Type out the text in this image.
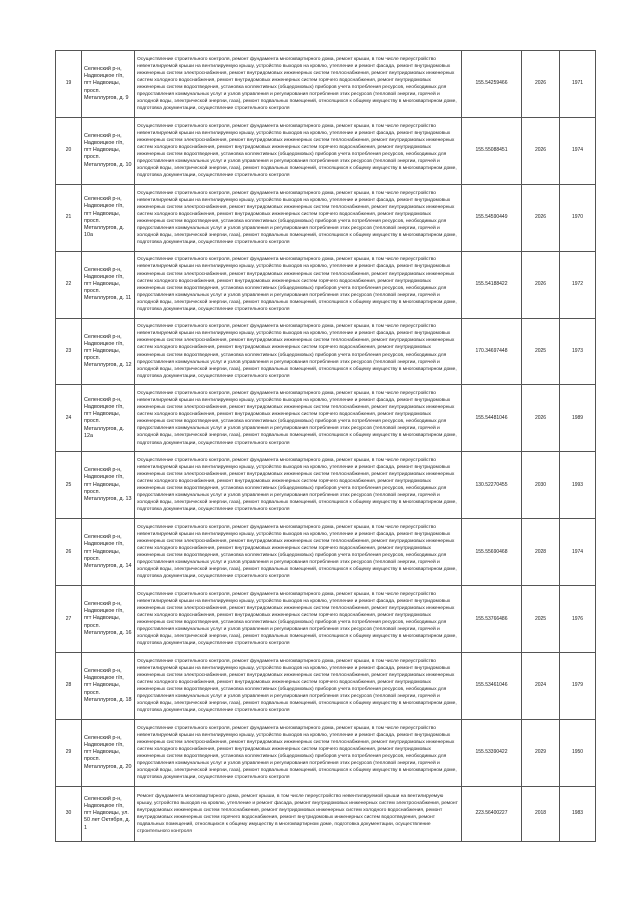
19	Селенский р-н, Надвоицкое г/п, пгт Надвоицы, просп. Металлургов, д. 9	Осуществление строительного контроля, ремонт фундамента многоквартирного дома, ремонт крыши, в том числе переустройство невентилируемой крыши на вентилируемую крышу, устройство выходов на кровлю, утепление и ремонт фасада, ремонт внутридомовых инженерных систем электроснабжения, ремонт внутридомовых инженерных систем теплоснабжения, ремонт внутридомовых инженерных систем холодного водоснабжения, ремонт внутридомовых инженерных систем горячего водоснабжения, ремонт внутридомовых инженерных систем водоотведения, установка коллективных (общедомовых) приборов учета потребления ресурсов, необходимых для предоставления коммунальных услуг и узлов управления и регулирования потребления этих ресурсов (тепловой энергии, горячей и холодной воды, электрической энергии, газа), ремонт подвальных помещений, относящихся к общему имуществу в многоквартирном доме, подготовка документации, осуществление строительного контроля	155.54259466	2026	1971
20	Селенский р-н, Надвоицкое г/п, пгт Надвоицы, просп. Металлургов, д. 10	Осуществление строительного контроля, ремонт фундамента многоквартирного дома, ремонт крыши, в том числе переустройство невентилируемой крыши на вентилируемую крышу, устройство выходов на кровлю, утепление и ремонт фасада, ремонт внутридомовых инженерных систем электроснабжения, ремонт внутридомовых инженерных систем теплоснабжения, ремонт внутридомовых инженерных систем холодного водоснабжения, ремонт внутридомовых инженерных систем горячего водоснабжения, ремонт внутридомовых инженерных систем водоотведения, установка коллективных (общедомовых) приборов учета потребления ресурсов, необходимых для предоставления коммунальных услуг и узлов управления и регулирования потребления этих ресурсов (тепловой энергии, горячей и холодной воды, электрической энергии, газа), ремонт подвальных помещений, относящихся к общему имуществу в многоквартирном доме, подготовка документации, осуществление строительного контроля	155.55088451	2026	1974
21	Селенский р-н, Надвоицкое г/п, пгт Надвоицы, просп. Металлургов, д. 10а	Осуществление строительного контроля, ремонт фундамента многоквартирного дома, ремонт крыши, в том числе переустройство невентилируемой крыши на вентилируемую крышу, устройство выходов на кровлю, утепление и ремонт фасада, ремонт внутридомовых инженерных систем электроснабжения, ремонт внутридомовых инженерных систем теплоснабжения, ремонт внутридомовых инженерных систем холодного водоснабжения, ремонт внутридомовых инженерных систем горячего водоснабжения, ремонт внутридомовых инженерных систем водоотведения, установка коллективных (общедомовых) приборов учета потребления ресурсов, необходимых для предоставления коммунальных услуг и узлов управления и регулирования потребления этих ресурсов (тепловой энергии, горячей и холодной воды, электрической энергии, газа), ремонт подвальных помещений, относящихся к общему имуществу в многоквартирном доме, подготовка документации, осуществление строительного контроля	155.54590449	2026	1970
22	Селенский р-н, Надвоицкое г/п, пгт Надвоицы, просп. Металлургов, д. 11	Осуществление строительного контроля, ремонт фундамента многоквартирного дома, ремонт крыши, в том числе переустройство невентилируемой крыши на вентилируемую крышу, устройство выходов на кровлю, утепление и ремонт фасада, ремонт внутридомовых инженерных систем электроснабжения, ремонт внутридомовых инженерных систем теплоснабжения, ремонт внутридомовых инженерных систем холодного водоснабжения, ремонт внутридомовых инженерных систем горячего водоснабжения, ремонт внутридомовых инженерных систем водоотведения, установка коллективных (общедомовых) приборов учета потребления ресурсов, необходимых для предоставления коммунальных услуг и узлов управления и регулирования потребления этих ресурсов (тепловой энергии, горячей и холодной воды, электрической энергии, газа), ремонт подвальных помещений, относящихся к общему имуществу в многоквартирном доме, подготовка документации, осуществление строительного контроля	155.54188422	2026	1972
23	Селенский р-н, Надвоицкое г/п, пгт Надвоицы, просп. Металлургов, д. 12	Осуществление строительного контроля, ремонт фундамента многоквартирного дома, ремонт крыши, в том числе переустройство невентилируемой крыши на вентилируемую крышу, устройство выходов на кровлю, утепление и ремонт фасада, ремонт внутридомовых инженерных систем электроснабжения, ремонт внутридомовых инженерных систем теплоснабжения, ремонт внутридомовых инженерных систем холодного водоснабжения, ремонт внутридомовых инженерных систем горячего водоснабжения, ремонт внутридомовых инженерных систем водоотведения, установка коллективных (общедомовых) приборов учета потребления ресурсов, необходимых для предоставления коммунальных услуг и узлов управления и регулирования потребления этих ресурсов (тепловой энергии, горячей и холодной воды, электрической энергии, газа), ремонт подвальных помещений, относящихся к общему имуществу в многоквартирном доме, подготовка документации, осуществление строительного контроля	170.34697448	2025	1973
24	Селенский р-н, Надвоицкое г/п, пгт Надвоицы, просп. Металлургов, д. 12а	Осуществление строительного контроля, ремонт фундамента многоквартирного дома, ремонт крыши, в том числе переустройство невентилируемой крыши на вентилируемую крышу, устройство выходов на кровлю, утепление и ремонт фасада, ремонт внутридомовых инженерных систем электроснабжения, ремонт внутридомовых инженерных систем теплоснабжения, ремонт внутридомовых инженерных систем холодного водоснабжения, ремонт внутридомовых инженерных систем горячего водоснабжения, ремонт внутридомовых инженерных систем водоотведения, установка коллективных (общедомовых) приборов учета потребления ресурсов, необходимых для предоставления коммунальных услуг и узлов управления и регулирования потребления этих ресурсов (тепловой энергии, горячей и холодной воды, электрической энергии, газа), ремонт подвальных помещений, относящихся к общему имуществу в многоквартирном доме, подготовка документации, осуществление строительного контроля	155.54481046	2026	1989
25	Селенский р-н, Надвоицкое г/п, пгт Надвоицы, просп. Металлургов, д. 13	Осуществление строительного контроля, ремонт фундамента многоквартирного дома, ремонт крыши, в том числе переустройство невентилируемой крыши на вентилируемую крышу, устройство выходов на кровлю, утепление и ремонт фасада, ремонт внутридомовых инженерных систем электроснабжения, ремонт внутридомовых инженерных систем теплоснабжения, ремонт внутридомовых инженерных систем холодного водоснабжения, ремонт внутридомовых инженерных систем горячего водоснабжения, ремонт внутридомовых инженерных систем водоотведения, установка коллективных (общедомовых) приборов учета потребления ресурсов, необходимых для предоставления коммунальных услуг и узлов управления и регулирования потребления этих ресурсов (тепловой энергии, горячей и холодной воды, электрической энергии, газа), ремонт подвальных помещений, относящихся к общему имуществу в многоквартирном доме, подготовка документации, осуществление строительного контроля	130.52270455	2030	1993
26	Селенский р-н, Надвоицкое г/п, пгт Надвоицы, просп. Металлургов, д. 14	Осуществление строительного контроля, ремонт фундамента многоквартирного дома, ремонт крыши, в том числе переустройство невентилируемой крыши на вентилируемую крышу, устройство выходов на кровлю, утепление и ремонт фасада, ремонт внутридомовых инженерных систем электроснабжения, ремонт внутридомовых инженерных систем теплоснабжения, ремонт внутридомовых инженерных систем холодного водоснабжения, ремонт внутридомовых инженерных систем горячего водоснабжения, ремонт внутридомовых инженерных систем водоотведения, установка коллективных (общедомовых) приборов учета потребления ресурсов, необходимых для предоставления коммунальных услуг и узлов управления и регулирования потребления этих ресурсов (тепловой энергии, горячей и холодной воды, электрической энергии, газа), ремонт подвальных помещений, относящихся к общему имуществу в многоквартирном доме, подготовка документации, осуществление строительного контроля	155.55690468	2028	1974
27	Селенский р-н, Надвоицкое г/п, пгт Надвоицы, просп. Металлургов, д. 16	Осуществление строительного контроля, ремонт фундамента многоквартирного дома, ремонт крыши, в том числе переустройство невентилируемой крыши на вентилируемую крышу, устройство выходов на кровлю, утепление и ремонт фасада, ремонт внутридомовых инженерных систем электроснабжения, ремонт внутридомовых инженерных систем теплоснабжения, ремонт внутридомовых инженерных систем холодного водоснабжения, ремонт внутридомовых инженерных систем горячего водоснабжения, ремонт внутридомовых инженерных систем водоотведения, установка коллективных (общедомовых) приборов учета потребления ресурсов, необходимых для предоставления коммунальных услуг и узлов управления и регулирования потребления этих ресурсов (тепловой энергии, горячей и холодной воды, электрической энергии, газа), ремонт подвальных помещений, относящихся к общему имуществу в многоквартирном доме, подготовка документации, осуществление строительного контроля	155.53766486	2025	1976
28	Селенский р-н, Надвоицкое г/п, пгт Надвоицы, просп. Металлургов, д. 18	Осуществление строительного контроля, ремонт фундамента многоквартирного дома, ремонт крыши, в том числе переустройство невентилируемой крыши на вентилируемую крышу, устройство выходов на кровлю, утепление и ремонт фасада, ремонт внутридомовых инженерных систем электроснабжения, ремонт внутридомовых инженерных систем теплоснабжения, ремонт внутридомовых инженерных систем холодного водоснабжения, ремонт внутридомовых инженерных систем горячего водоснабжения, ремонт внутридомовых инженерных систем водоотведения, установка коллективных (общедомовых) приборов учета потребления ресурсов, необходимых для предоставления коммунальных услуг и узлов управления и регулирования потребления этих ресурсов (тепловой энергии, горячей и холодной воды, электрической энергии, газа), ремонт подвальных помещений, относящихся к общему имуществу в многоквартирном доме, подготовка документации, осуществление строительного контроля	155.53461046	2024	1979
29	Селенский р-н, Надвоицкое г/п, пгт Надвоицы, просп. Металлургов, д. 20	Осуществление строительного контроля, ремонт фундамента многоквартирного дома, ремонт крыши, в том числе переустройство невентилируемой крыши на вентилируемую крышу, устройство выходов на кровлю, утепление и ремонт фасада, ремонт внутридомовых инженерных систем электроснабжения, ремонт внутридомовых инженерных систем теплоснабжения, ремонт внутридомовых инженерных систем холодного водоснабжения, ремонт внутридомовых инженерных систем горячего водоснабжения, ремонт внутридомовых инженерных систем водоотведения, установка коллективных (общедомовых) приборов учета потребления ресурсов, необходимых для предоставления коммунальных услуг и узлов управления и регулирования потребления этих ресурсов (тепловой энергии, горячей и холодной воды, электрической энергии, газа), ремонт подвальных помещений, относящихся к общему имуществу в многоквартирном доме, подготовка документации, осуществление строительного контроля	155.53390422	2029	1950
30	Селенский р-н, Надвоицкое г/п, пгт Надвоицы, ул. 50 лет Октября, д. 1	Ремонт фундамента многоквартирного дома, ремонт крыши, в том числе переустройство невентилируемой крыши на вентилируемую крышу, устройство выходов на кровлю, утепление и ремонт фасада, ремонт внутридомовых инженерных систем электроснабжения, ремонт внутридомовых инженерных систем теплоснабжения, ремонт внутридомовых инженерных систем холодного водоснабжения, ремонт внутридомовых инженерных систем горячего водоснабжения, ремонт внутридомовых инженерных систем водоотведения, ремонт подвальных помещений, относящихся к общему имуществу в многоквартирном доме, подготовка документации, осуществление строительного контроля	223.56400227	2018	1983
